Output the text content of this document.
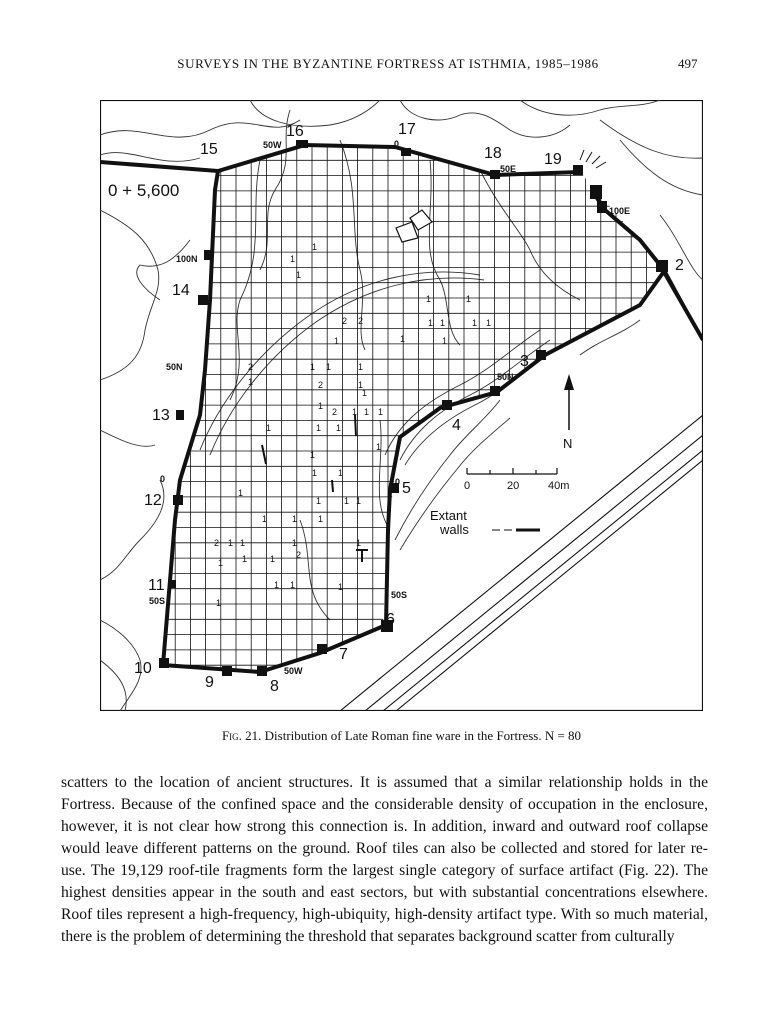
SURVEYS IN THE BYZANTINE FORTRESS AT ISTHMIA, 1985–1986	497
0 + 5,600
2
3
4
5
6
7
8
9
10
11
12
13
14
15
16	17
18	19
50W	0
50E
100E
100N
50N
0
50S
50N
0
50S
50W
1
1
1
2 2
1	1
1	1
1 1	1 1
1
2
1
1 1	1
2	1
1
2
1
1 1 1
1	1 1
1
1 1
1
1
1	1 1
1	1 1
2 1 1	1	1
1 1	1 2
1 1	1
1
0	20	40m
N
Extant
walls
Fig. 21. Distribution of Late Roman fine ware in the Fortress. N = 80
scatters to the location of ancient structures. It is assumed that a similar relationship holds in the Fortress. Because of the confined space and the considerable density of occupation in the enclosure, however, it is not clear how strong this connection is. In addition, inward and outward roof collapse would leave different patterns on the ground. Roof tiles can also be collected and stored for later re-use. The 19,129 roof-tile fragments form the largest single category of surface artifact (Fig. 22). The highest densities appear in the south and east sectors, but with substantial concentrations elsewhere. Roof tiles represent a high-frequency, high-ubiquity, high-density artifact type. With so much material, there is the problem of determining the threshold that separates background scatter from culturally
